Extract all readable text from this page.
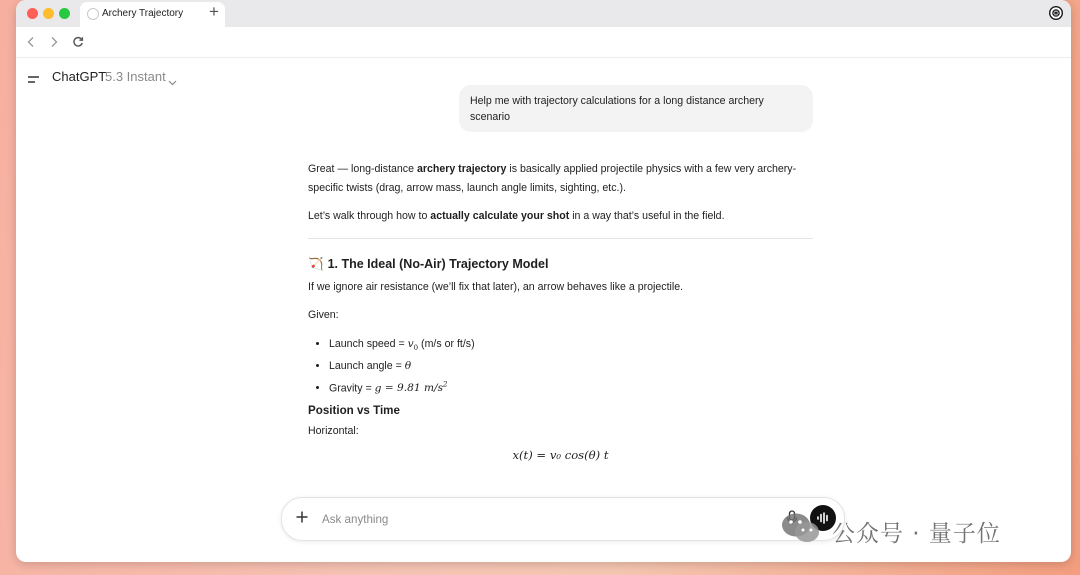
Archery Trajectory +
ChatGPT
5.3 Instant
Help me with trajectory calculations for a long distance archery scenario

Great — long-distance archery trajectory is basically applied projectile physics with a few very archery-specific twists (drag, arrow mass, launch angle limits, sighting, etc.).

Let’s walk through how to actually calculate your shot in a way that’s useful in the field.

🏹 1. The Ideal (No-Air) Trajectory Model

If we ignore air resistance (we’ll fix that later), an arrow behaves like a projectile.

Given:

• Launch speed = $v_0$ (m/s or ft/s)
• Launch angle = θ
• Gravity = g = 9.81 $m/s^2$
Position vs Time

Horizontal:

x(t) = v₀ cos(θ) t
Ask anything
公众号 · 量子位
